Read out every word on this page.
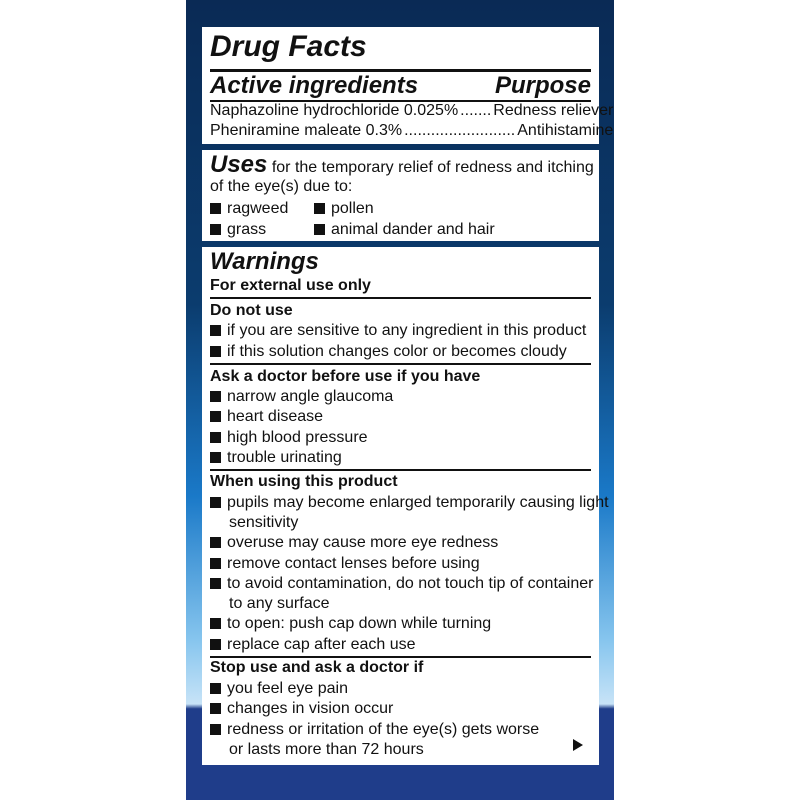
Drug Facts
Active ingredients	Purpose
Naphazoline hydrochloride 0.025% ....... Redness reliever
Pheniramine maleate 0.3% ......................... Antihistamine
Uses for the temporary relief of redness and itching
of the eye(s) due to:
ragweed	pollen
grass	animal dander and hair
Warnings
For external use only
Do not use
if you are sensitive to any ingredient in this product
if this solution changes color or becomes cloudy
Ask a doctor before use if you have
narrow angle glaucoma
heart disease
high blood pressure
trouble urinating
When using this product
pupils may become enlarged temporarily causing light
sensitivity
overuse may cause more eye redness
remove contact lenses before using
to avoid contamination, do not touch tip of container
to any surface
to open: push cap down while turning
replace cap after each use
Stop use and ask a doctor if
you feel eye pain
changes in vision occur
redness or irritation of the eye(s) gets worse
or lasts more than 72 hours
